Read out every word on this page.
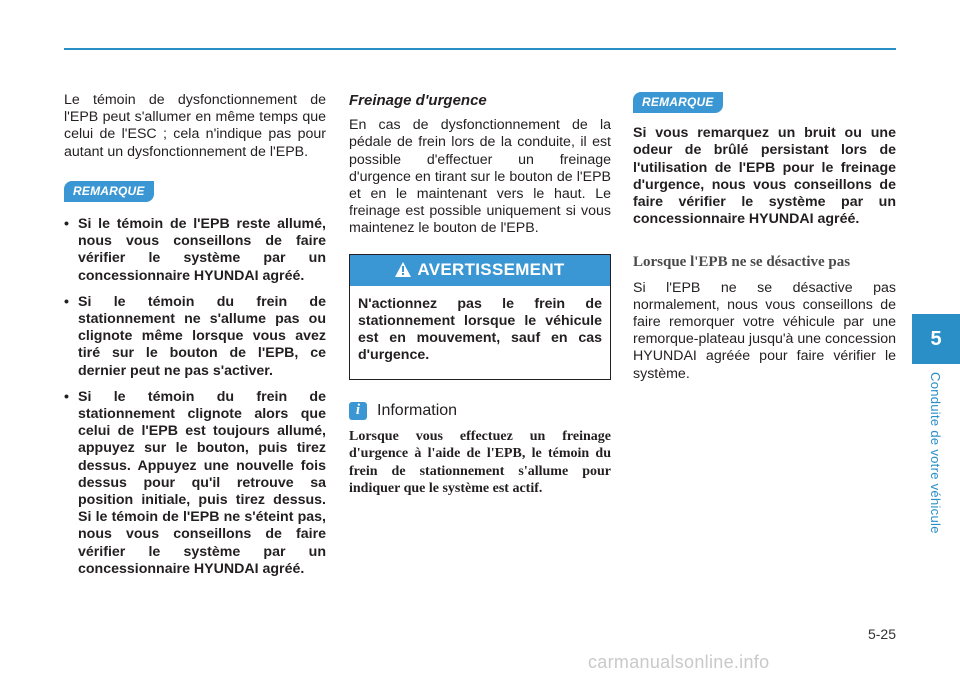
Le témoin de dysfonctionnement de l'EPB peut s'allumer en même temps que celui de l'ESC ; cela n'indique pas pour autant un dysfonctionnement de l'EPB.

REMARQUE
• Si le témoin de l'EPB reste allumé, nous vous conseillons de faire vérifier le système par un concessionnaire HYUNDAI agréé.
• Si le témoin du frein de stationnement ne s'allume pas ou clignote même lorsque vous avez tiré sur le bouton de l'EPB, ce dernier peut ne pas s'activer.
• Si le témoin du frein de stationnement clignote alors que celui de l'EPB est toujours allumé, appuyez sur le bouton, puis tirez dessus. Appuyez une nouvelle fois dessus pour qu'il retrouve sa position initiale, puis tirez dessus. Si le témoin de l'EPB ne s'éteint pas, nous vous conseillons de faire vérifier le système par un concessionnaire HYUNDAI agréé.

Freinage d'urgence

En cas de dysfonctionnement de la pédale de frein lors de la conduite, il est possible d'effectuer un freinage d'urgence en tirant sur le bouton de l'EPB et en le maintenant vers le haut. Le freinage est possible uniquement si vous maintenez le bouton de l'EPB.

AVERTISSEMENT
N'actionnez pas le frein de stationnement lorsque le véhicule est en mouvement, sauf en cas d'urgence.
i	Information

Lorsque vous effectuez un freinage d'urgence à l'aide de l'EPB, le témoin du frein de stationnement s'allume pour indiquer que le système est actif.

REMARQUE

Si vous remarquez un bruit ou une odeur de brûlé persistant lors de l'utilisation de l'EPB pour le freinage d'urgence, nous vous conseillons de faire vérifier le système par un concessionnaire HYUNDAI agréé.

Lorsque l'EPB ne se désactive pas

Si l'EPB ne se désactive pas normalement, nous vous conseillons de faire remorquer votre véhicule par une remorque-plateau jusqu'à une concession HYUNDAI agréée pour faire vérifier le système.

5
Conduite de votre véhicule
5-25
carmanualsonline.info
